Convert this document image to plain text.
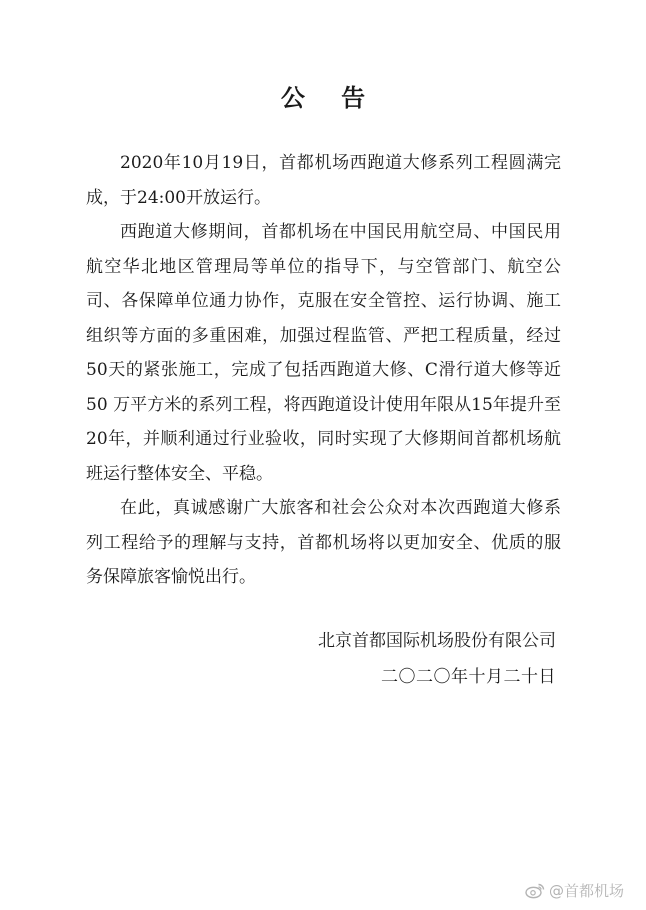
公 告

2020年10月19日，首都机场西跑道大修系列工程圆满完成，于24:00开放运行。

西跑道大修期间，首都机场在中国民用航空局、中国民用航空华北地区管理局等单位的指导下，与空管部门、航空公司、各保障单位通力协作，克服在安全管控、运行协调、施工组织等方面的多重困难，加强过程监管、严把工程质量，经过50天的紧张施工，完成了包括西跑道大修、C滑行道大修等近 50 万平方米的系列工程，将西跑道设计使用年限从15年提升至20年，并顺利通过行业验收，同时实现了大修期间首都机场航班运行整体安全、平稳。

在此，真诚感谢广大旅客和社会公众对本次西跑道大修系列工程给予的理解与支持，首都机场将以更加安全、优质的服务保障旅客愉悦出行。

北京首都国际机场股份有限公司
二〇二〇年十月二十日
@首都机场
